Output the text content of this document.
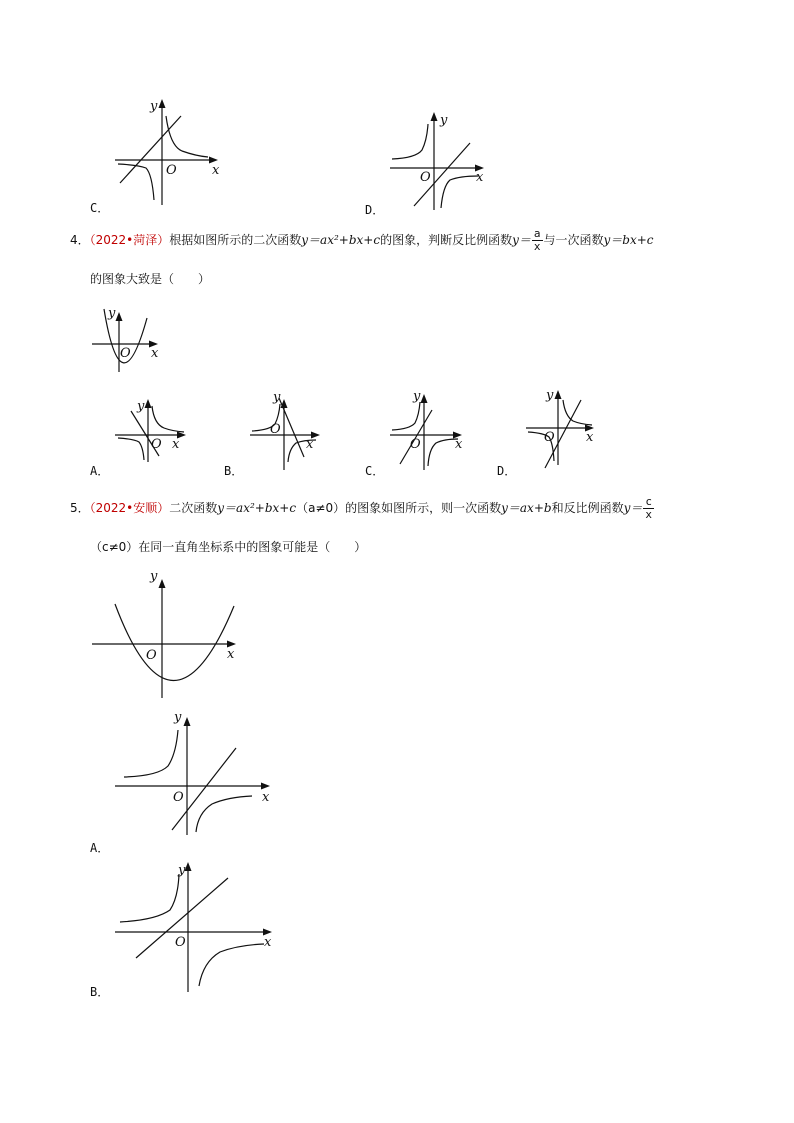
y
x
O
C．
y
x
O
D．
4．（2022•菏泽）根据如图所示的二次函数y＝ax²+bx+c的图象，判断反比例函数$y= \frac{a}{x}$ 与一次函数y＝bx+c
的图象大致是（　　）
y
x
O
y
x
O
A．
y
x
O
B．
y
x
O
C．
y
x
O
D．
5．（2022•安顺）二次函数y＝ax²+bx+c（a≠0）的图象如图所示，则一次函数y＝ax+b和反比例函数$y= \frac{c}{x}$
（c≠0）在同一直角坐标系中的图象可能是（　　）
y
x
O
y
x
O
A．
y
x
O
B．
